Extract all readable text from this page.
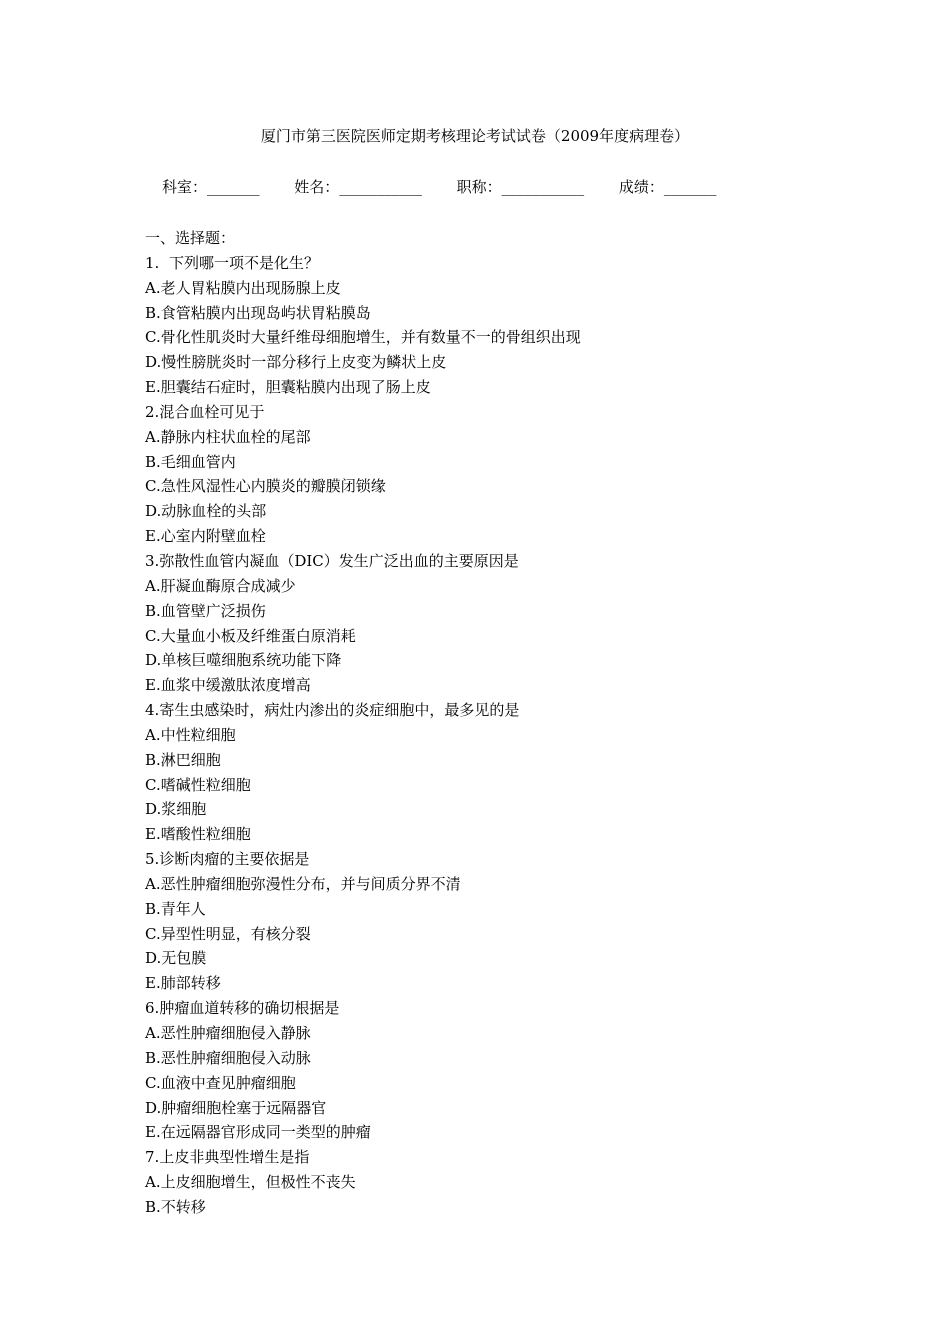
厦门市第三医院医师定期考核理论考试试卷（2009年度病理卷）
科室：_______ 姓名：___________ 职称：___________ 成绩：_______
一、选择题：
1. 下列哪一项不是化生？
A.老人胃粘膜内出现肠腺上皮
B.食管粘膜内出现岛屿状胃粘膜岛
C.骨化性肌炎时大量纤维母细胞增生，并有数量不一的骨组织出现
D.慢性膀胱炎时一部分移行上皮变为鳞状上皮
E.胆囊结石症时，胆囊粘膜内出现了肠上皮
2.混合血栓可见于
A.静脉内柱状血栓的尾部
B.毛细血管内
C.急性风湿性心内膜炎的瓣膜闭锁缘
D.动脉血栓的头部
E.心室内附壁血栓
3.弥散性血管内凝血（DIC）发生广泛出血的主要原因是
A.肝凝血酶原合成减少
B.血管壁广泛损伤
C.大量血小板及纤维蛋白原消耗
D.单核巨噬细胞系统功能下降
E.血浆中缓激肽浓度增高
4.寄生虫感染时，病灶内渗出的炎症细胞中，最多见的是
A.中性粒细胞
B.淋巴细胞
C.嗜碱性粒细胞
D.浆细胞
E.嗜酸性粒细胞
5.诊断肉瘤的主要依据是
A.恶性肿瘤细胞弥漫性分布，并与间质分界不清
B.青年人
C.异型性明显，有核分裂
D.无包膜
E.肺部转移
6.肿瘤血道转移的确切根据是
A.恶性肿瘤细胞侵入静脉
B.恶性肿瘤细胞侵入动脉
C.血液中查见肿瘤细胞
D.肿瘤细胞栓塞于远隔器官
E.在远隔器官形成同一类型的肿瘤
7.上皮非典型性增生是指
A.上皮细胞增生，但极性不丧失
B.不转移
